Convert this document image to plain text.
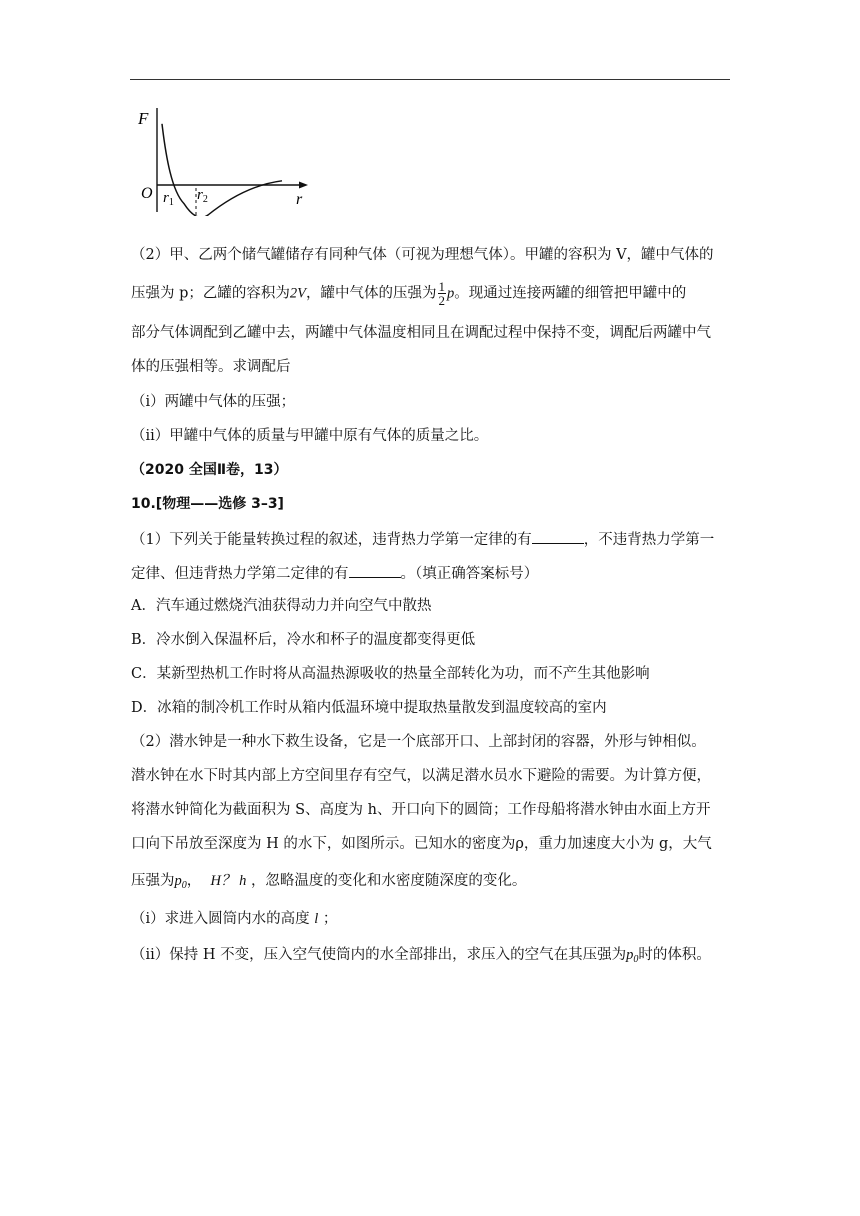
F
O	r
$r_1$ $r_2$
（2）甲、乙两个储气罐储存有同种气体（可视为理想气体）。甲罐的容积为 V，罐中气体的
压强为 p；乙罐的容积为2V，罐中气体的压强为 $\frac{1}{2}$ p。现通过连接两罐的细管把甲罐中的
部分气体调配到乙罐中去，两罐中气体温度相同且在调配过程中保持不变，调配后两罐中气
体的压强相等。求调配后
（i）两罐中气体的压强；
（ii）甲罐中气体的质量与甲罐中原有气体的质量之比。
（2020 全国Ⅱ卷，13）
10.[物理——选修 3–3]
（1）下列关于能量转换过程的叙述，违背热力学第一定律的有	，不违背热力学第一
定律、但违背热力学第二定律的有	。（填正确答案标号）
A．汽车通过燃烧汽油获得动力并向空气中散热
B．冷水倒入保温杯后，冷水和杯子的温度都变得更低
C．某新型热机工作时将从高温热源吸收的热量全部转化为功，而不产生其他影响
D．冰箱的制冷机工作时从箱内低温环境中提取热量散发到温度较高的室内
（2）潜水钟是一种水下救生设备，它是一个底部开口、上部封闭的容器，外形与钟相似。
潜水钟在水下时其内部上方空间里存有空气，以满足潜水员水下避险的需要。为计算方便，
将潜水钟简化为截面积为 S、高度为 h、开口向下的圆筒；工作母船将潜水钟由水面上方开
口向下吊放至深度为 H 的水下，如图所示。已知水的密度为ρ，重力加速度大小为 g，大气
压强为$p_0$， H？ h ，忽略温度的变化和水密度随深度的变化。
（i）求进入圆筒内水的高度 l ；
（ii）保持 H 不变，压入空气使筒内的水全部排出，求压入的空气在其压强为$p_0$时的体积。
